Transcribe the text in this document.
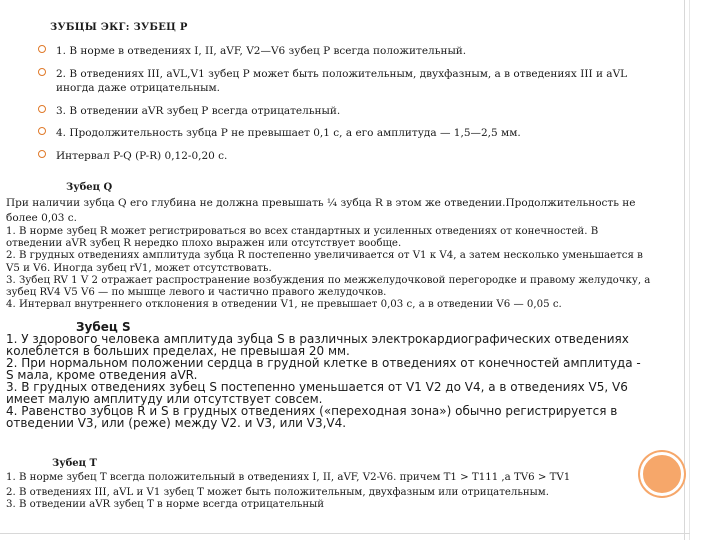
ЗУБЦЫ ЭКГ: ЗУБЕЦ Р
1. В норме в отведениях I, II, aVF, V2—V6 зубец Р всегда положительный.
2. В отведениях III, aVL,V1 зубец Р может быть положительным, двухфазным, а в отведениях III и aVL иногда даже отрицательным.
3. В отведении aVR зубец Р всегда отрицательный.
4. Продолжительность зубца Р не превышает 0,1 с, а его амплитуда — 1,5—2,5 мм.
Интервал P-Q (P-R) 0,12-0,20 с.
Зубец Q

При наличии зубца Q его глубина не должна превышать ¼ зубца R в этом же отведении.Продолжительность не более 0,03 с.

1. В норме зубец R может регистрироваться во всех стандартных и усиленных отведениях от конечностей. В отведении aVR зубец R нередко плохо выражен или отсутствует вообще.

2. В грудных отведениях амплитуда зубца R постепенно увеличивается от V1 к V4, а затем несколько уменьшается в V5 и V6. Иногда зубец rV1, может отсутствовать.

3. Зубец RV 1 V 2 отражает распространение возбуждения по межжелудочковой перегородке и правому желудочку, а зубец RV4 V5 V6 — по мышце левого и частично правого желудочков.

4. Интервал внутреннего отклонения в отведении V1, не превышает 0,03 с, а в отведении V6 — 0,05 с.

Зубец S

1. У здорового человека амплитуда зубца S в различных электрокардиографических отведениях колеблется в больших пределах, не превышая 20 мм.

2. При нормальном положении сердца в грудной клетке в отведениях от конечностей амплитуда -S мала, кроме отведения aVR.

3. В грудных отведениях зубец S постепенно уменьшается от V1 V2 до V4, а в отведениях V5, V6 имеет малую амплитуду или отсутствует совсем.

4. Равенство зубцов R и S в грудных отведениях («переходная зона») обычно регистрируется в отведении V3, или (реже) между V2. и V3, или V3,V4.

Зубец Т

1. В норме зубец Т всегда положительный в отведениях I, II, aVF, V2-V6. причем T1 > T111 ,а TV6 > TV1

2. В отведениях III, aVL и V1 зубец T может быть положительным, двухфазным или отрицательным.

3. В отведении aVR зубец T в норме всегда отрицательный
